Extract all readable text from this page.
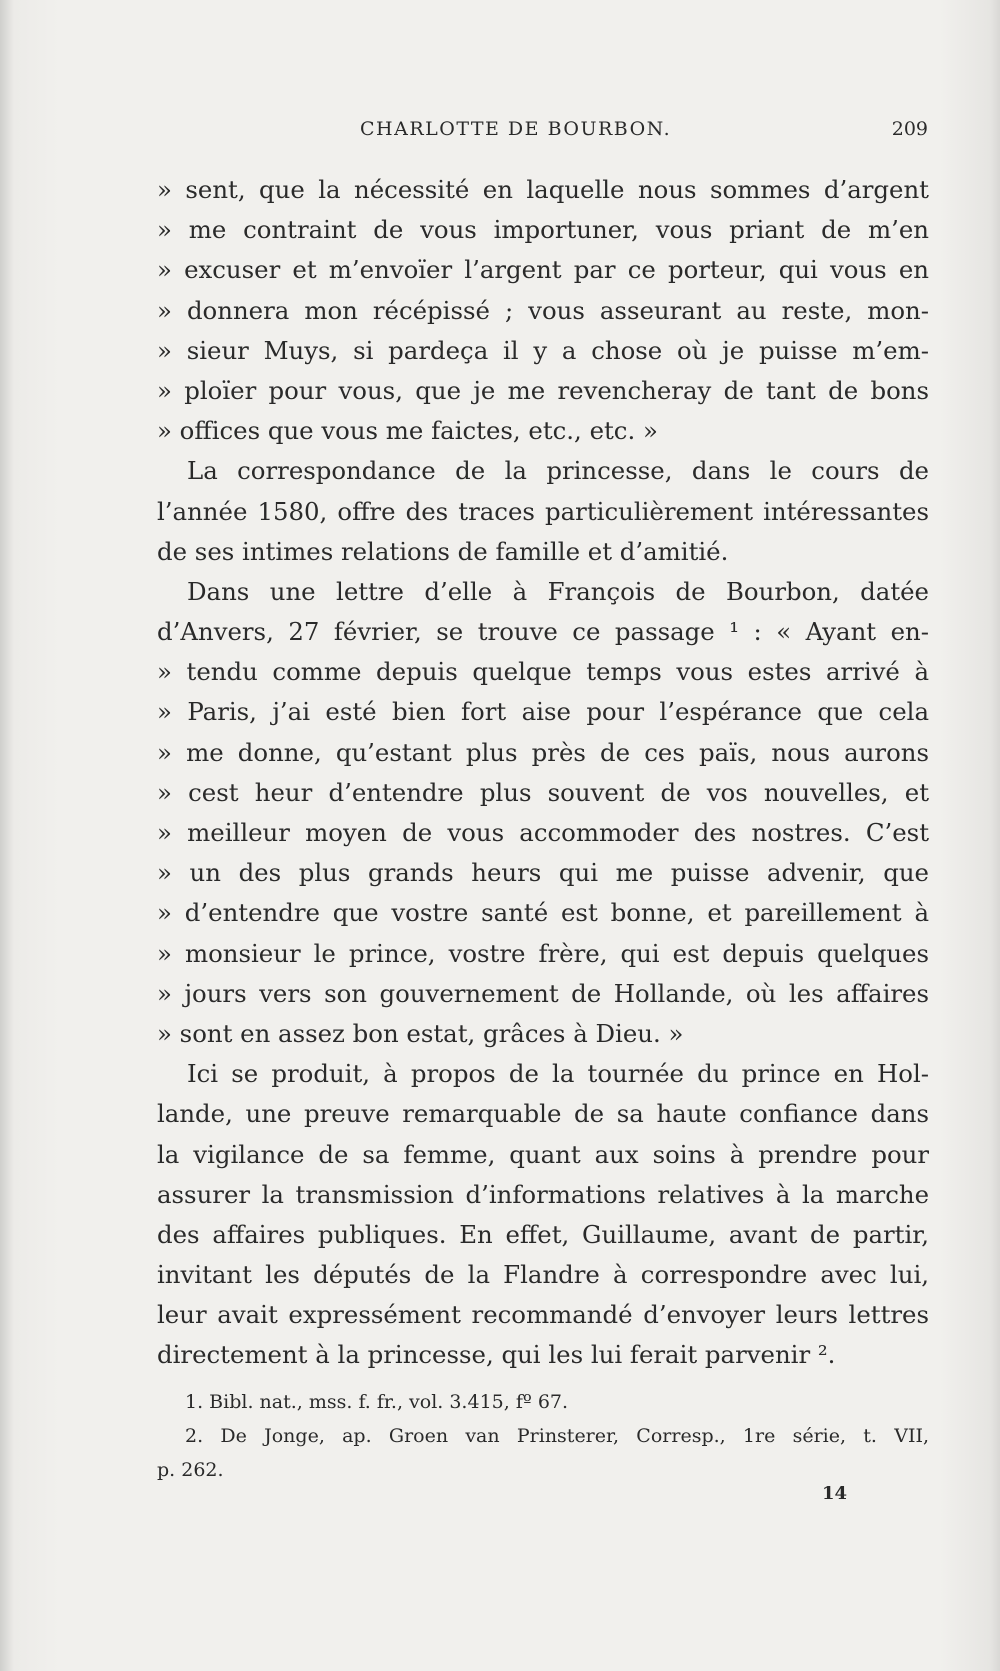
CHARLOTTE DE BOURBON.	209
» sent, que la nécessité en laquelle nous sommes d’argent
» me contraint de vous importuner, vous priant de m’en
» excuser et m’envoïer l’argent par ce porteur, qui vous en
» donnera mon récépissé ; vous asseurant au reste, mon-
» sieur Muys, si pardeça il y a chose où je puisse m’em-
» ploïer pour vous, que je me revencheray de tant de bons
» offices que vous me faictes, etc., etc. »
La correspondance de la princesse, dans le cours de
l’année 1580, offre des traces particulièrement intéressantes
de ses intimes relations de famille et d’amitié.
Dans une lettre d’elle à François de Bourbon, datée
d’Anvers, 27 février, se trouve ce passage ¹ : « Ayant en-
» tendu comme depuis quelque temps vous estes arrivé à
» Paris, j’ai esté bien fort aise pour l’espérance que cela
» me donne, qu’estant plus près de ces païs, nous aurons
» cest heur d’entendre plus souvent de vos nouvelles, et
» meilleur moyen de vous accommoder des nostres. C’est
» un des plus grands heurs qui me puisse advenir, que
» d’entendre que vostre santé est bonne, et pareillement à
» monsieur le prince, vostre frère, qui est depuis quelques
» jours vers son gouvernement de Hollande, où les affaires
» sont en assez bon estat, grâces à Dieu. »
Ici se produit, à propos de la tournée du prince en Hol-
lande, une preuve remarquable de sa haute confiance dans
la vigilance de sa femme, quant aux soins à prendre pour
assurer la transmission d’informations relatives à la marche
des affaires publiques. En effet, Guillaume, avant de partir,
invitant les députés de la Flandre à correspondre avec lui,
leur avait expressément recommandé d’envoyer leurs lettres
directement à la princesse, qui les lui ferait parvenir ².
1. Bibl. nat., mss. f. fr., vol. 3.415, fº 67.
2. De Jonge, ap. Groen van Prinsterer, Corresp., 1re série, t. VII,
p. 262.
14
